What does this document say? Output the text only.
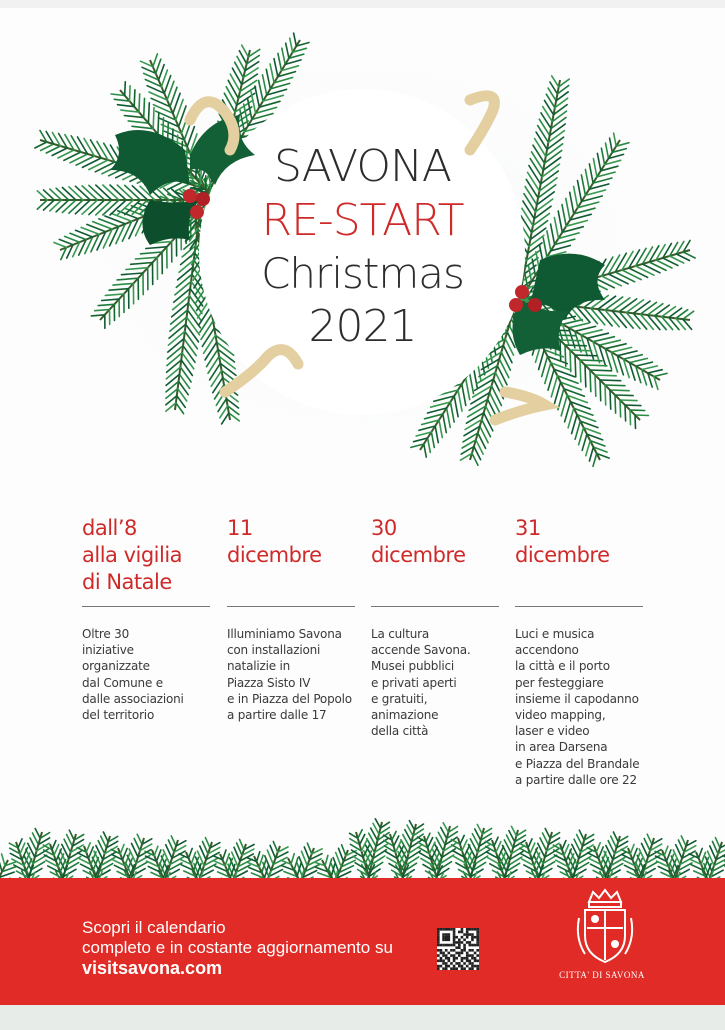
SAVONA
RE-START
Christmas
2021

dall’8
alla vigilia
di Natale

Oltre 30
iniziative
organizzate
dal Comune e
dalle associazioni
del territorio

11
dicembre

Illuminiamo Savona
con installazioni
natalizie in
Piazza Sisto IV
e in Piazza del Popolo
a partire dalle 17

30
dicembre

La cultura
accende Savona.
Musei pubblici
e privati aperti
e gratuiti,
animazione
della città

31
dicembre

Luci e musica
accendono
la città e il porto
per festeggiare
insieme il capodanno
video mapping,
laser e video
in area Darsena
e Piazza del Brandale
a partire dalle ore 22
Scopri il calendario
completo e in costante aggiornamento su
visitsavona.com	CITTA' DI SAVONA
